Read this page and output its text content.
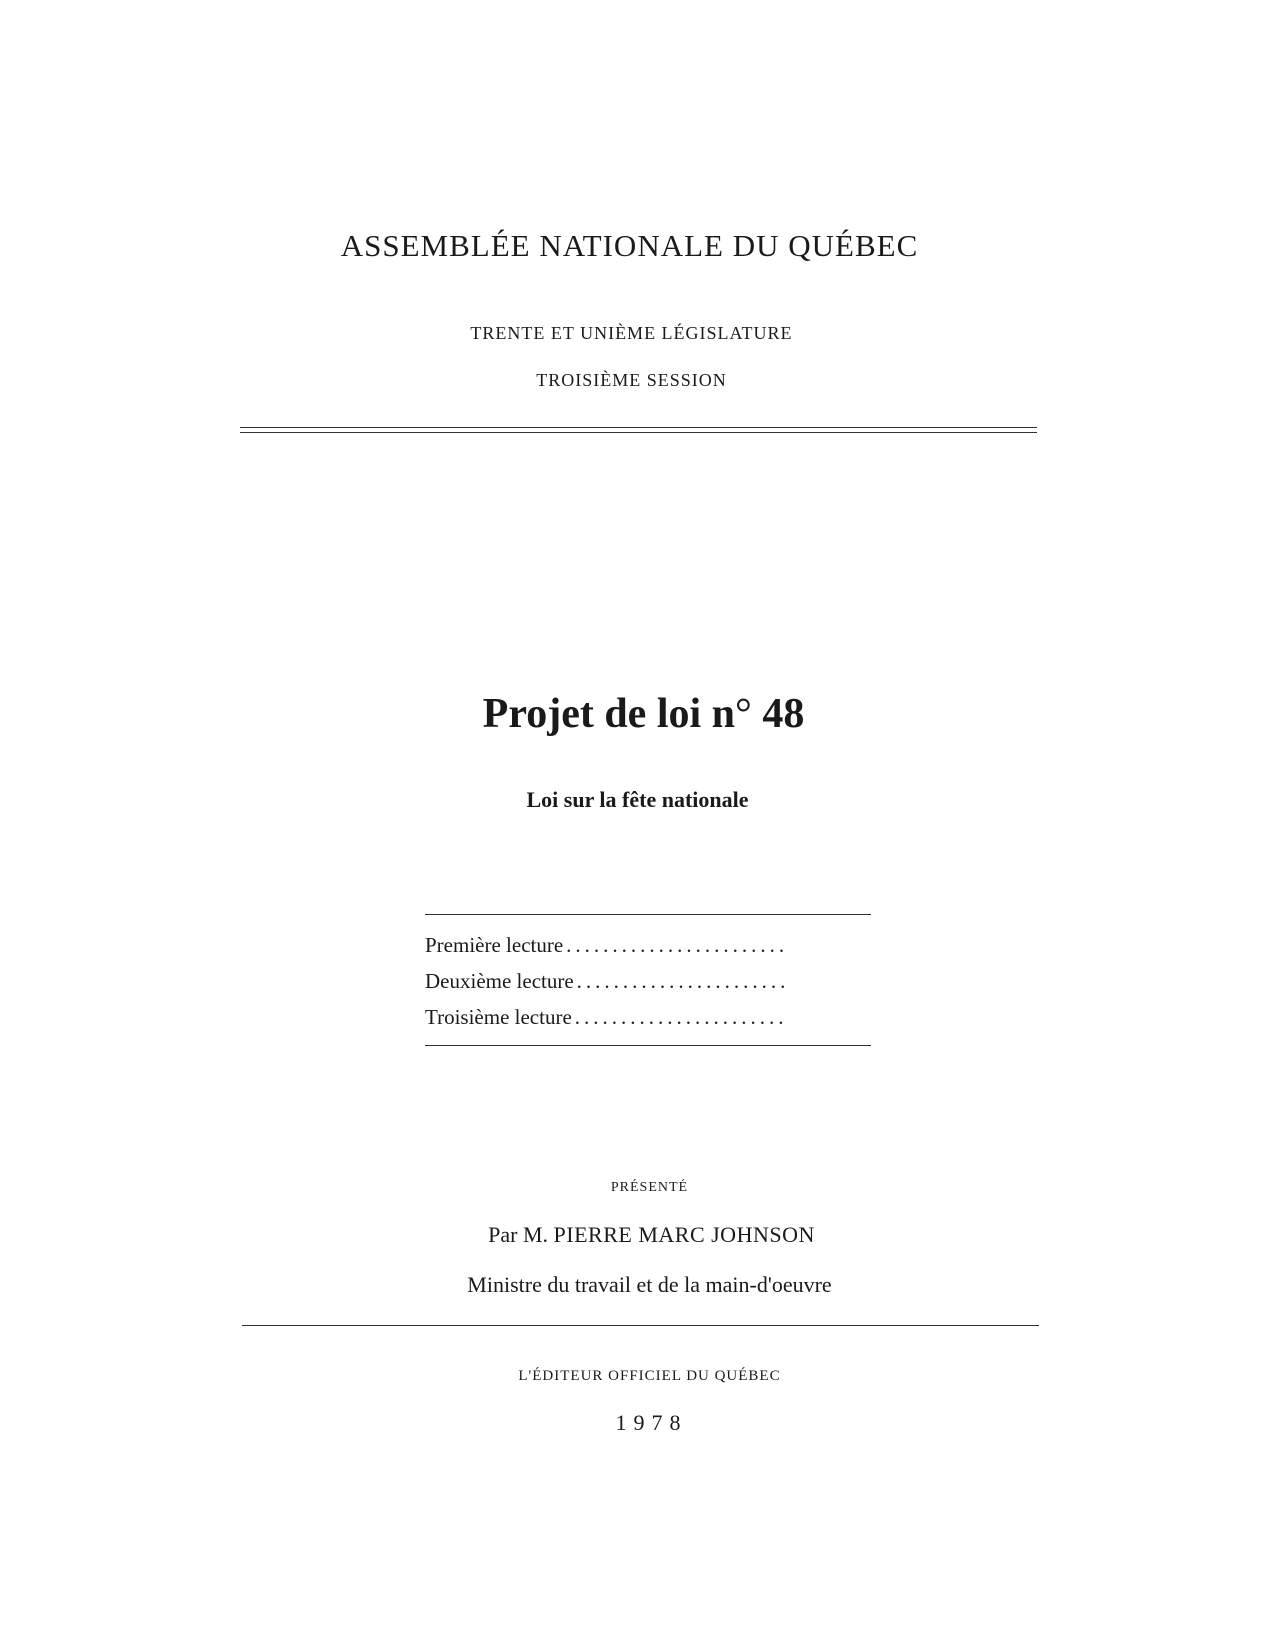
ASSEMBLÉE NATIONALE DU QUÉBEC
TRENTE ET UNIÈME LÉGISLATURE
TROISIÈME SESSION
Projet de loi n° 48
Loi sur la fête nationale
Première lecture ........................
Deuxième lecture .......................
Troisième lecture .......................
PRÉSENTÉ
Par M. PIERRE MARC JOHNSON
Ministre du travail et de la main-d'oeuvre
L'ÉDITEUR OFFICIEL DU QUÉBEC
1978
